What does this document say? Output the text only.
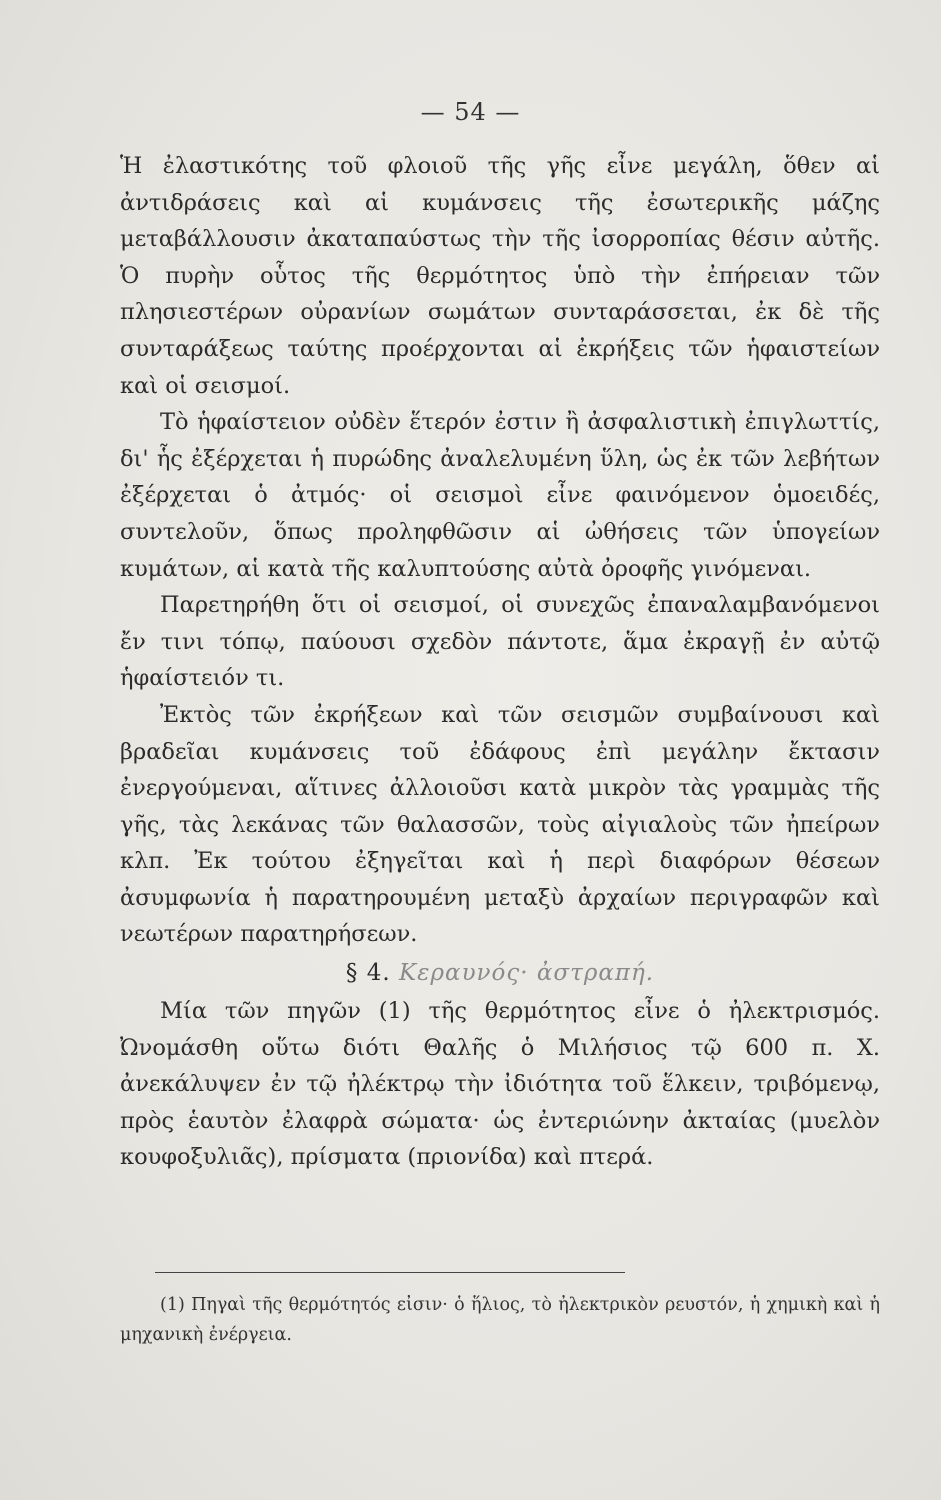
— 54 —

Ἡ ἐλαστικότης τοῦ φλοιοῦ τῆς γῆς εἶνε μεγάλη, ὅθεν αἱ ἀντιδράσεις καὶ αἱ κυμάνσεις τῆς ἐσωτερικῆς μάζης μεταβάλλουσιν ἀκαταπαύστως τὴν τῆς ἰσορροπίας θέσιν αὐτῆς. Ὁ πυρὴν οὗτος τῆς θερμότητος ὑπὸ τὴν ἐπήρειαν τῶν πλησιεστέρων οὐρανίων σωμάτων συνταράσσεται, ἐκ δὲ τῆς συνταράξεως ταύτης προέρχονται αἱ ἐκρήξεις τῶν ἡφαιστείων καὶ οἱ σεισμοί.

Τὸ ἡφαίστειον οὐδὲν ἕτερόν ἐστιν ἢ ἀσφαλιστικὴ ἐπιγλωττίς, δι' ἧς ἐξέρχεται ἡ πυρώδης ἀναλελυμένη ὕλη, ὡς ἐκ τῶν λεβήτων ἐξέρχεται ὁ ἀτμός· οἱ σεισμοὶ εἶνε φαινόμενον ὁμοειδές, συντελοῦν, ὅπως προληφθῶσιν αἱ ὠθήσεις τῶν ὑπογείων κυμάτων, αἱ κατὰ τῆς καλυπτούσης αὐτὰ ὀροφῆς γινόμεναι.

Παρετηρήθη ὅτι οἱ σεισμοί, οἱ συνεχῶς ἐπαναλαμβανόμενοι ἔν τινι τόπῳ, παύουσι σχεδὸν πάντοτε, ἅμα ἐκραγῇ ἐν αὐτῷ ἡφαίστειόν τι.

Ἐκτὸς τῶν ἐκρήξεων καὶ τῶν σεισμῶν συμβαίνουσι καὶ βραδεῖαι κυμάνσεις τοῦ ἐδάφους ἐπὶ μεγάλην ἔκτασιν ἐνεργούμεναι, αἵτινες ἀλλοιοῦσι κατὰ μικρὸν τὰς γραμμὰς τῆς γῆς, τὰς λεκάνας τῶν θαλασσῶν, τοὺς αἰγιαλοὺς τῶν ἠπείρων κλπ. Ἐκ τούτου ἐξηγεῖται καὶ ἡ περὶ διαφόρων θέσεων ἀσυμφωνία ἡ παρατηρουμένη μεταξὺ ἀρχαίων περιγραφῶν καὶ νεωτέρων παρατηρήσεων.

§ 4. Κεραυνός· ἀστραπή.

Μία τῶν πηγῶν (1) τῆς θερμότητος εἶνε ὁ ἠλεκτρισμός. Ὠνομάσθη οὕτω διότι Θαλῆς ὁ Μιλήσιος τῷ 600 π. Χ. ἀνεκάλυψεν ἐν τῷ ἠλέκτρῳ τὴν ἰδιότητα τοῦ ἕλκειν, τριβόμενῳ, πρὸς ἑαυτὸν ἐλαφρὰ σώματα· ὡς ἐντεριώνην ἀκταίας (μυελὸν κουφοξυλιᾶς), πρίσματα (πριονίδα) καὶ πτερά.

(1) Πηγαὶ τῆς θερμότητός εἰσιν· ὁ ἥλιος, τὸ ἠλεκτρικὸν ρευστόν, ἡ χημικὴ καὶ ἡ μηχανικὴ ἐνέργεια.
